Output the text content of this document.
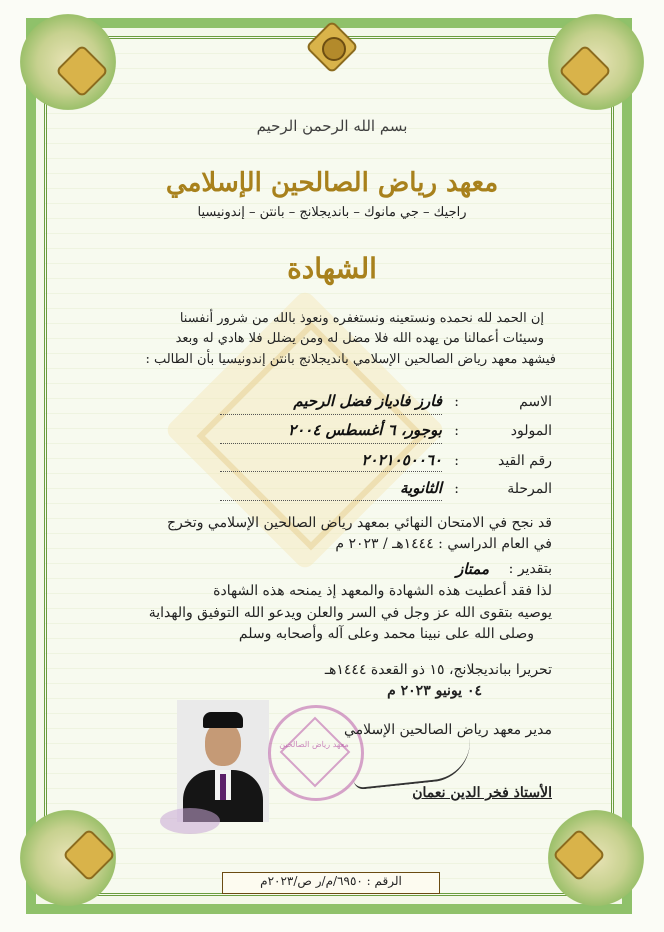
بسم الله الرحمن الرحيم
معهد رياض الصالحين الإسلامي
راجيك – جي مانوك – بانديجلانج – بانتن – إندونيسيا
الشهادة
إن الحمد لله نحمده ونستعينه ونستغفره ونعوذ بالله من شرور أنفسنا
وسيئات أعمالنا من يهده الله فلا مضل له ومن يضلل فلا هادي له وبعد
فيشهد معهد رياض الصالحين الإسلامي بانديجلانج بانتن إندونيسيا بأن الطالب :
الاسم
:
فارز فادياز فضل الرحيم
المولود
:
بوجور، ٦ أغسطس ٢٠٠٤
رقم القيد
:
٢٠٢١٠٥٠٠٦٠
المرحلة
:
الثانوية
قد نجح في الامتحان النهائي بمعهد رياض الصالحين الإسلامي وتخرج
في العام الدراسي : ١٤٤٤هـ / ٢٠٢٣ م
بتقدير :
ممتاز
لذا فقد أعطيت هذه الشهادة والمعهد إذ يمنحه هذه الشهادة
يوصيه بتقوى الله عز وجل في السر والعلن ويدعو الله التوفيق والهداية
وصلى الله على نبينا محمد وعلى آله وأصحابه وسلم
تحريرا ببانديجلانج، ١٥ ذو القعدة ١٤٤٤هـ
٠٤ يونيو ٢٠٢٣ م
معهد رياض الصالحين
مدير معهد رياض الصالحين الإسلامي
الأستاذ فخر الدين نعمان
الرقم : ٦٩٥٠/م/ر ص/٢٠٢٣م
